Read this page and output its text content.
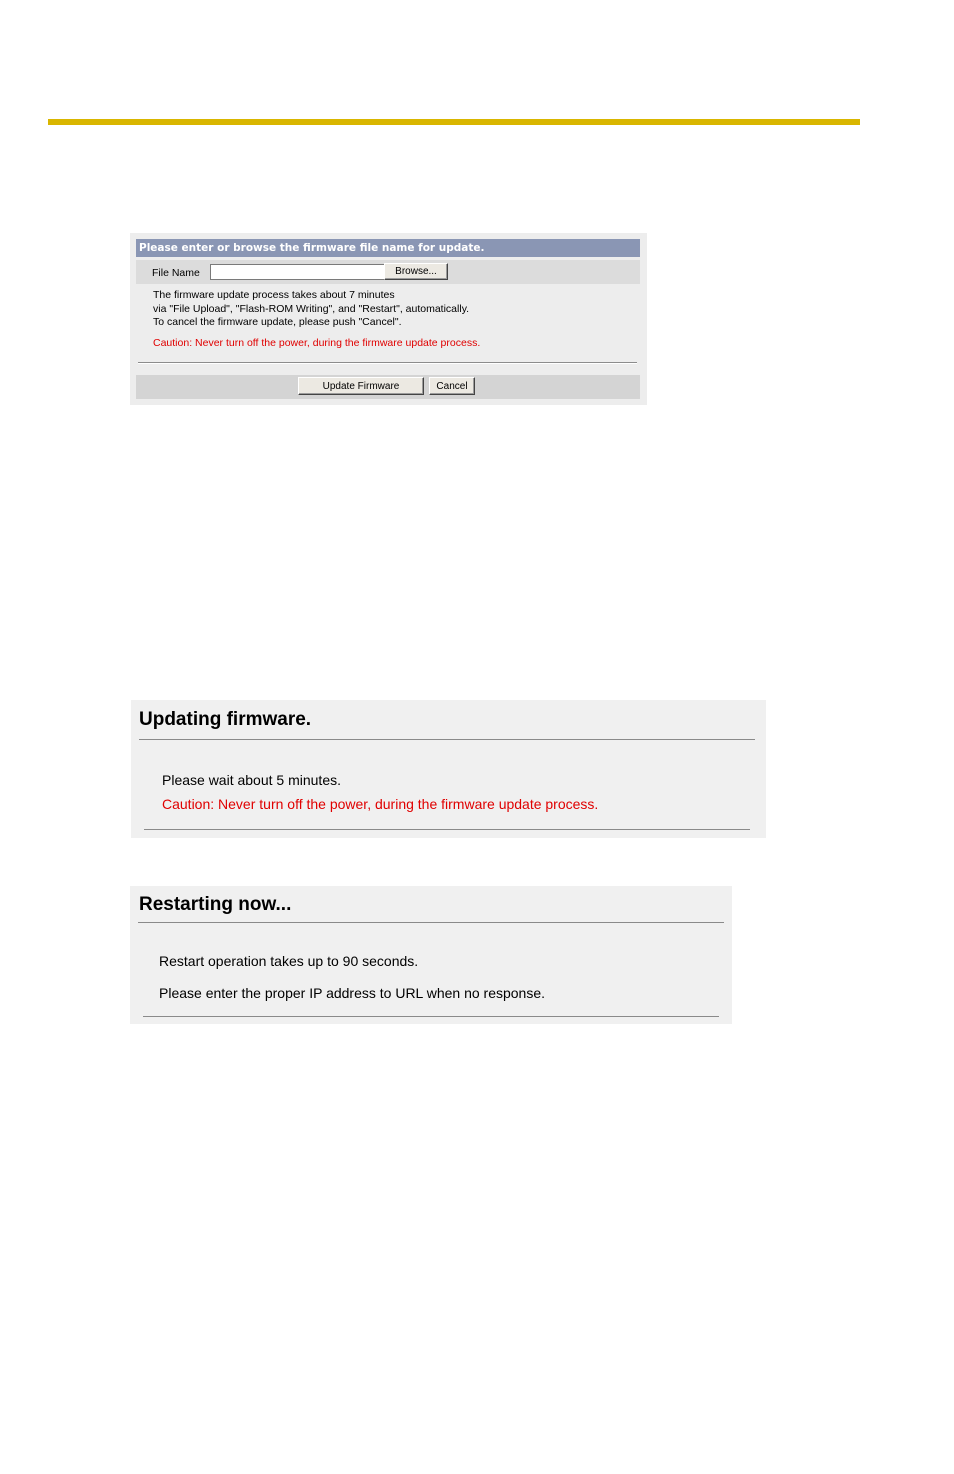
Please enter or browse the firmware file name for update.
File Name	Browse...
The firmware update process takes about 7 minutes
via "File Upload", "Flash-ROM Writing", and "Restart", automatically.
To cancel the firmware update, please push "Cancel".
Caution: Never turn off the power, during the firmware update process.
Update Firmware	Cancel
Updating firmware.
Please wait about 5 minutes.
Caution: Never turn off the power, during the firmware update process.
Restarting now...
Restart operation takes up to 90 seconds.
Please enter the proper IP address to URL when no response.
